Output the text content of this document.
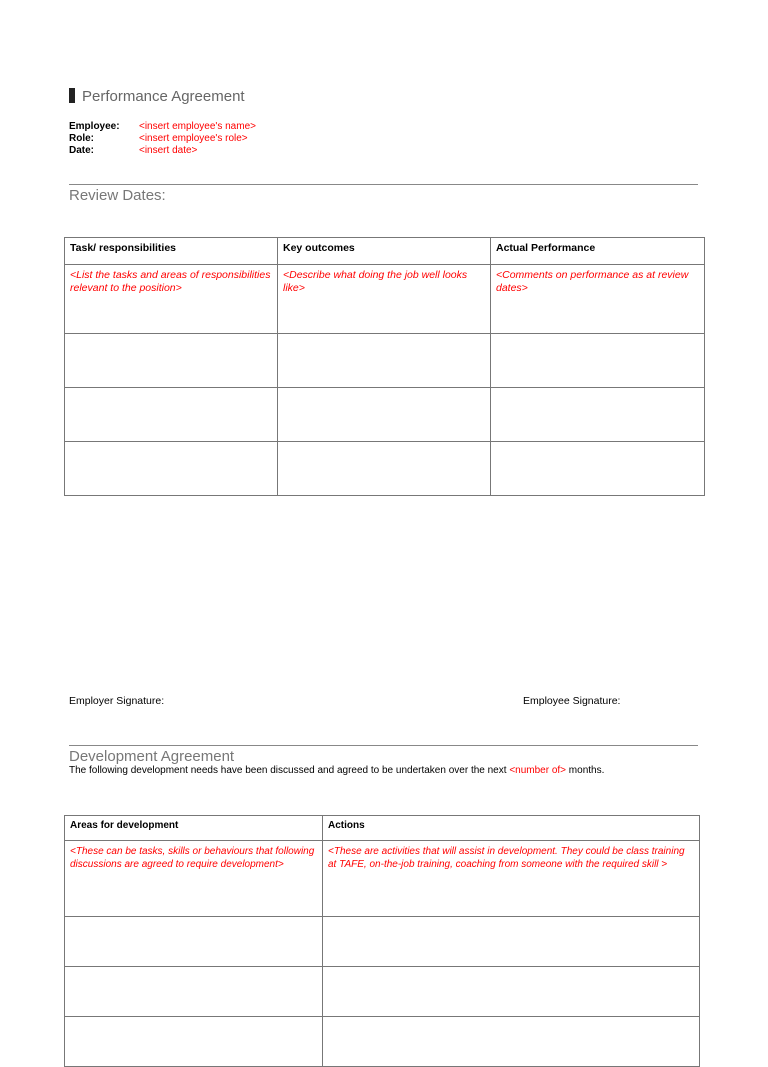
Performance Agreement
Employee:	<insert employee's name>
Role:	<insert employee's role>
Date:	<insert date>
Review Dates:
Task/ responsibilities	Key outcomes	Actual Performance
<List the tasks and areas of responsibilities relevant to the position>	<Describe what doing the job well looks like>	<Comments on performance as at review dates>

Employer Signature:	Employee Signature:
Development Agreement
The following development needs have been discussed and agreed to be undertaken over the next <number of> months.
Areas for development	Actions
<These can be tasks, skills or behaviours that following discussions are agreed to require development>	<These are activities that will assist in development. They could be class training at TAFE, on-the-job training, coaching from someone with the required skill >
